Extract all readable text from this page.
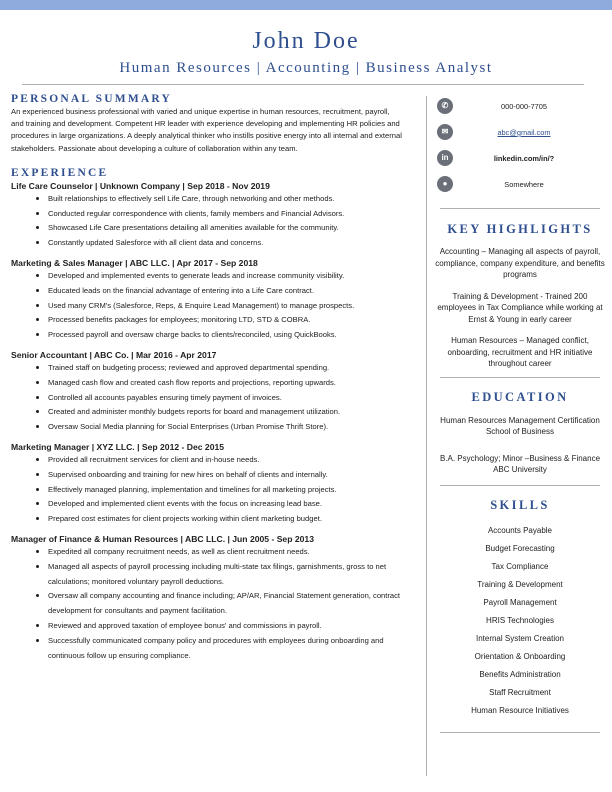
John Doe
Human Resources | Accounting | Business Analyst
PERSONAL SUMMARY
An experienced business professional with varied and unique expertise in human resources, recruitment, payroll, and training and development. Competent HR leader with experience developing and implementing HR policies and procedures in large organizations. A deeply analytical thinker who instills positive energy into all internal and external stakeholders. Passionate about developing a culture of collaboration within any team.
EXPERIENCE
Life Care Counselor | Unknown Company | Sep 2018 - Nov 2019
Built relationships to effectively sell Life Care, through networking and other methods.
Conducted regular correspondence with clients, family members and Financial Advisors.
Showcased Life Care presentations detailing all amenities available for the community.
Constantly updated Salesforce with all client data and concerns.
Marketing & Sales Manager | ABC LLC. | Apr 2017 - Sep 2018
Developed and implemented events to generate leads and increase community visibility.
Educated leads on the financial advantage of entering into a Life Care contract.
Used many CRM's (Salesforce, Reps, & Enquire Lead Management) to manage prospects.
Processed benefits packages for employees; monitoring LTD, STD & COBRA.
Processed payroll and oversaw charge backs to clients/reconciled, using QuickBooks.
Senior Accountant | ABC Co. | Mar 2016 - Apr 2017
Trained staff on budgeting process; reviewed and approved departmental spending.
Managed cash flow and created cash flow reports and projections, reporting upwards.
Controlled all accounts payables ensuring timely payment of invoices.
Created and administer monthly budgets reports for board and management utilization.
Oversaw Social Media planning for Social Enterprises (Urban Promise Thrift Store).
Marketing Manager | XYZ LLC. | Sep 2012 - Dec 2015
Provided all recruitment services for client and in-house needs.
Supervised onboarding and training for new hires on behalf of clients and internally.
Effectively managed planning, implementation and timelines for all marketing projects.
Developed and implemented client events with the focus on increasing lead base.
Prepared cost estimates for client projects working within client marketing budget.
Manager of Finance & Human Resources | ABC LLC. | Jun 2005 - Sep 2013
Expedited all company recruitment needs, as well as client recruitment needs.
Managed all aspects of payroll processing including multi-state tax filings, garnishments, gross to net calculations; monitored voluntary payroll deductions.
Oversaw all company accounting and finance including; AP/AR, Financial Statement generation, contract development for consultants and payment facilitation.
Reviewed and approved taxation of employee bonus' and commissions in payroll.
Successfully communicated company policy and procedures with employees during onboarding and continuous follow up ensuring compliance.
✆	000-000-7705
✉	abc@gmail.com
in	linkedin.com/in/?
●	Somewhere
KEY HIGHLIGHTS
Accounting – Managing all aspects of payroll, compliance, company expenditure, and benefits programs
Training & Development - Trained 200 employees in Tax Compliance while working at Ernst & Young in early career
Human Resources – Managed conflict, onboarding, recruitment and HR initiative throughout career
EDUCATION
Human Resources Management Certification
School of Business
B.A. Psychology; Minor –Business & Finance
ABC University
SKILLS
Accounts Payable
Budget Forecasting
Tax Compliance
Training & Development
Payroll Management
HRIS Technologies
Internal System Creation
Orientation & Onboarding
Benefits Administration
Staff Recruitment
Human Resource Initiatives
